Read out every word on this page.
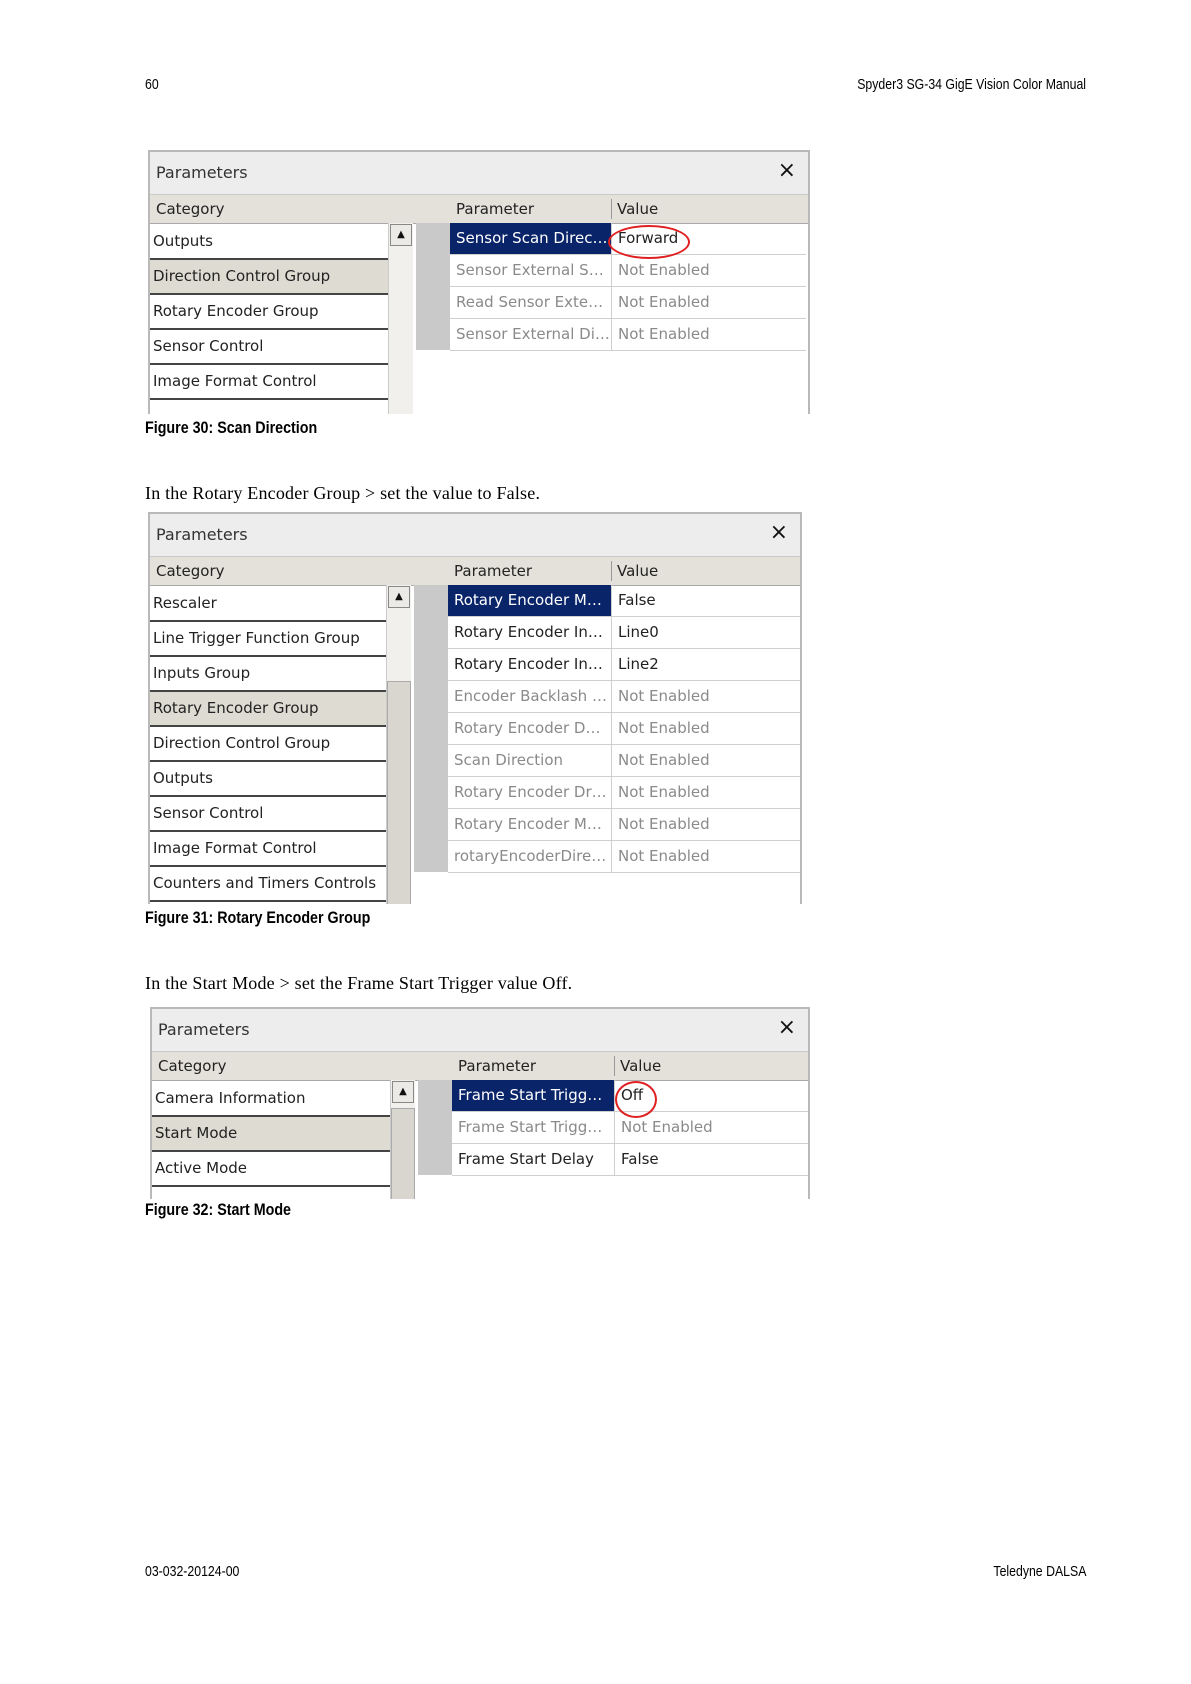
60	Spyder3 SG-34 GigE Vision Color Manual
03-032-20124-00	Teledyne DALSA
Parameters	×
Category	Parameter	Value
Outputs
Direction Control Group
Rotary Encoder Group
Sensor Control
Image Format Control
▲	Sensor Scan Direc… Forward
Sensor External S… Not Enabled
Read Sensor Exte… Not Enabled
Sensor External Di… Not Enabled
Figure 30: Scan Direction
In the Rotary Encoder Group > set the value to False.
Parameters	×
Category	Parameter	Value
Rescaler
Line Trigger Function Group
Inputs Group
Rotary Encoder Group
Direction Control Group
Outputs
Sensor Control
Image Format Control
Counters and Timers Controls
▲	Rotary Encoder M…	False
Rotary Encoder In…	Line0
Rotary Encoder In…	Line2
Encoder Backlash … Not Enabled
Rotary Encoder D…	Not Enabled
Scan Direction	Not Enabled
Rotary Encoder Dr… Not Enabled
Rotary Encoder M…	Not Enabled
rotaryEncoderDire… Not Enabled
Figure 31: Rotary Encoder Group
In the Start Mode > set the Frame Start Trigger value Off.
Parameters	×
Category	Parameter	Value
Camera Information
Start Mode
Active Mode
▲	Frame Start Trigg…	Off
Frame Start Trigg…	Not Enabled
Frame Start Delay	False
Figure 32: Start Mode
